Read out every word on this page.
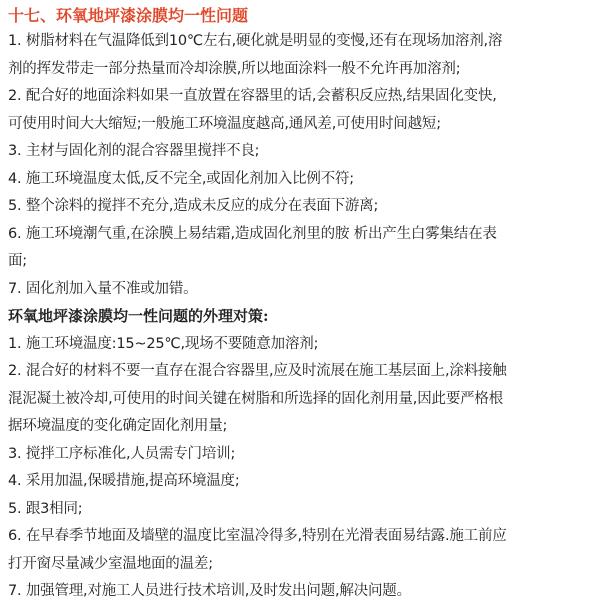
十七、环氧地坪漆涂膜均一性问题

1. 树脂材料在气温降低到10℃左右,硬化就是明显的变慢,还有在现场加溶剂,溶
剂的挥发带走一部分热量而冷却涂膜,所以地面涂料一般不允许再加溶剂;

2. 配合好的地面涂料如果一直放置在容器里的话,会蓄积反应热,结果固化变快,
可使用时间大大缩短;一般施工环境温度越高,通风差,可使用时间越短;

3. 主材与固化剂的混合容器里搅拌不良;

4. 施工环境温度太低,反不完全,或固化剂加入比例不符;

5. 整个涂料的搅拌不充分,造成未反应的成分在表面下游离;

6. 施工环境潮气重,在涂膜上易结霜,造成固化剂里的胺 析出产生白雾集结在表
面;

7. 固化剂加入量不准或加错。

环氧地坪漆涂膜均一性问题的外理对策:

1. 施工环境温度:15~25℃,现场不要随意加溶剂;

2. 混合好的材料不要一直存在混合容器里,应及时流展在施工基层面上,涂料接触
混泥凝土被冷却,可使用的时间关键在树脂和所选择的固化剂用量,因此要严格根
据环境温度的变化确定固化剂用量;

3. 搅拌工序标准化,人员需专门培训;

4. 采用加温,保暖措施,提高环境温度;

5. 跟3相同;

6. 在早春季节地面及墙壁的温度比室温冷得多,特别在光滑表面易结露.施工前应
打开窗尽量减少室温地面的温差;

7. 加强管理,对施工人员进行技术培训,及时发出问题,解决问题。
